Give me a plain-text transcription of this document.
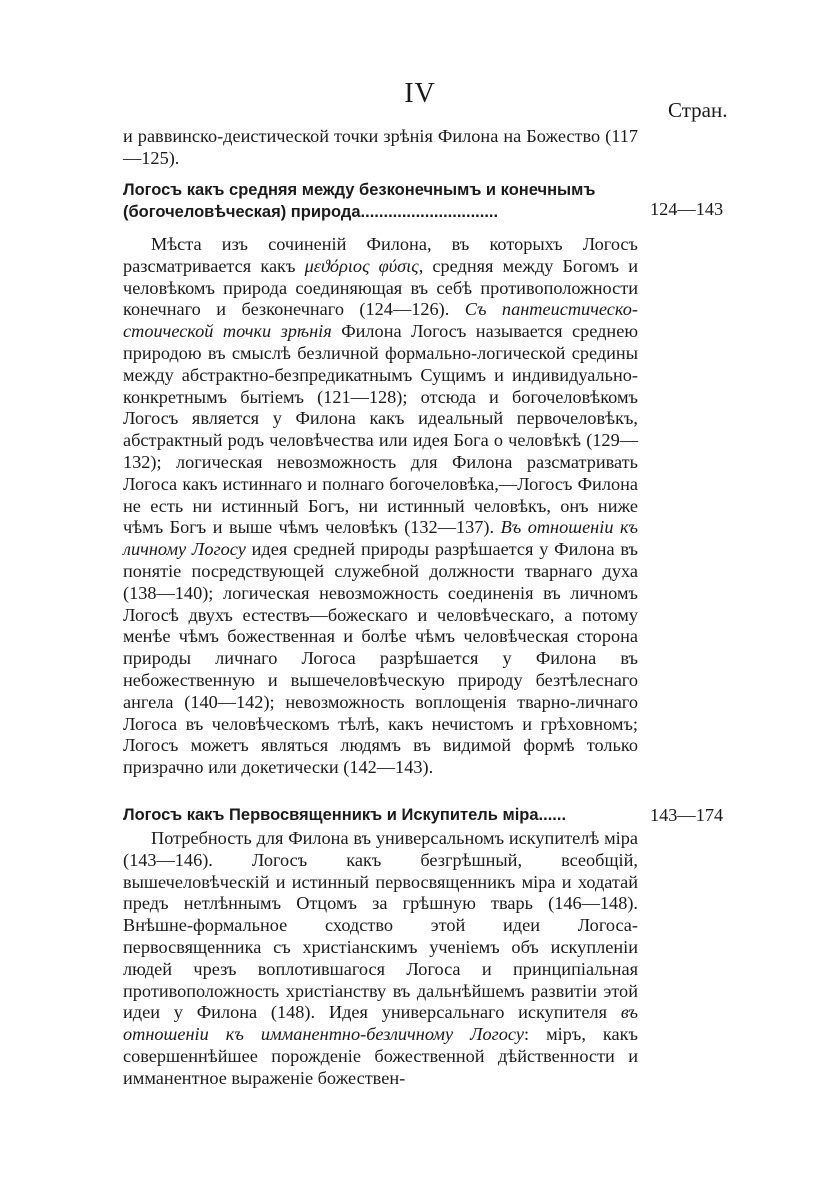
IV
Стран.

и раввинско-деистической точки зрѣнія Филона на Божество (117—125).

Логосъ какъ средняя между безконечнымъ и конечнымъ (богочеловѣческая) природа..............................	124—143

Мѣста изъ сочиненій Филона, въ которыхъ Логосъ разсматривается какъ μεϑόριος φύσις, средняя между Богомъ и человѣкомъ природа соединяющая въ себѣ противоположности конечнаго и безконечнаго (124—126). Съ пантеистическо-стоической точки зрѣнія Филона Логосъ называется среднею природою въ смыслѣ безличной формально-логической средины между абстрактно-безпредикатнымъ Сущимъ и индивидуально-конкретнымъ бытіемъ (121—128); отсюда и богочеловѣкомъ Логосъ является у Филона какъ идеальный первочеловѣкъ, абстрактный родъ человѣчества или идея Бога о человѣкѣ (129—132); логическая невозможность для Филона разсматривать Логоса какъ истиннаго и полнаго богочеловѣка,—Логосъ Филона не есть ни истинный Богъ, ни истинный человѣкъ, онъ ниже чѣмъ Богъ и выше чѣмъ человѣкъ (132—137). Въ отношеніи къ личному Логосу идея средней природы разрѣшается у Филона въ понятіе посредствующей служебной должности тварнаго духа (138—140); логическая невозможность соединенія въ личномъ Логосѣ двухъ естествъ—божескаго и человѣческаго, а потому менѣе чѣмъ божественная и болѣе чѣмъ человѣческая сторона природы личнаго Логоса разрѣшается у Филона въ небожественную и вышечеловѣческую природу безтѣлеснаго ангела (140—142); невозможность воплощенія тварно-личнаго Логоса въ человѣческомъ тѣлѣ, какъ нечистомъ и грѣховномъ; Логосъ можетъ являться людямъ въ видимой формѣ только призрачно или докетически (142—143).

Логосъ какъ Первосвященникъ и Искупитель міра......	143—174

Потребность для Филона въ универсальномъ искупителѣ міра (143—146). Логосъ какъ безгрѣшный, всеобщій, вышечеловѣческій и истинный первосвященникъ міра и ходатай предъ нетлѣннымъ Отцомъ за грѣшную тварь (146—148). Внѣшне-формальное сходство этой идеи Логоса-первосвященника съ христіанскимъ ученіемъ объ искупленіи людей чрезъ воплотившагося Логоса и принципіальная противоположность христіанству въ дальнѣйшемъ развитіи этой идеи у Филона (148). Идея универсальнаго искупителя въ отношеніи къ имманентно-безличному Логосу: міръ, какъ совершеннѣйшее порожденіе божественной дѣйственности и имманентное выраженіе божествен-
